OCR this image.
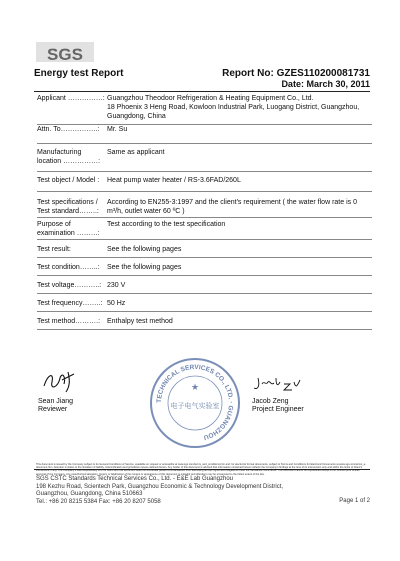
SGS
Energy test Report	Report No: GZES110200081731
Date: March 30, 2011
Applicant ……………: Guangzhou Theodoor Refrigeration & Heating Equipment Co., Ltd.
18 Phoenix 3 Heng Road, Kowloon Industrial Park, Luogang District, Guangzhou,
Guangdong, China
Attn. To…………….:	Mr. Su
Manufacturing
location ……………:
Same as applicant
Test object / Model :	Heat pump water heater / RS-3.6FAD/260L
Test specifications /
Test standard……..:
According to EN255-3:1997 and the client's requirement ( the water flow rate is 0
m³/h, outlet water 60 ºC )
Purpose of
examination ………:
Test according to the test specification
Test result:	See the following pages
Test condition……..:	See the following pages
Test voltage………..: 230 V
Test frequency……..: 50 Hz
Test method……….: Enthalpy test method
TECHNICAL SERVICES CO., LTD. · GUANGZHOU
★
电子电气实验室
Sean Jiang
Reviewer
Jacob Zeng
Project Engineer
This document is issued by the Company subject to its General Conditions of Service, available on request or accessible at www.sgs.com/terms_and_conditions.htm and, for electronic format documents, subject to Terms and Conditions for Electronic Documents at www.sgs.com/terms_e-document.htm. Attention is drawn to the limitation of liability, indemnification and jurisdiction issues defined therein. Any holder of this document is advised that information contained hereon reflects the Company's findings at the time of its intervention only and within the limits of Client's instructions, if any. The Company's sole responsibility is to its Client and this document does not exonerate parties to a transaction from exercising all their rights and obligations under the transaction documents. This document cannot be reproduced except in full, without prior written approval of the Company. Any unauthorized alteration, forgery or falsification of the content or appearance of this document is unlawful and offenders may be prosecuted to the fullest extent of the law.
SGS CSTC Standards Technical Services Co., Ltd. - E&E Lab Guangzhou
198 Kezhu Road, Scientech Park, Guangzhou Economic & Technology Development District,
Guangzhou, Guangdong, China 510663
Tel.: +86 20 8215 5384 Fax: +86 20 8207 5058	Page 1 of 2
